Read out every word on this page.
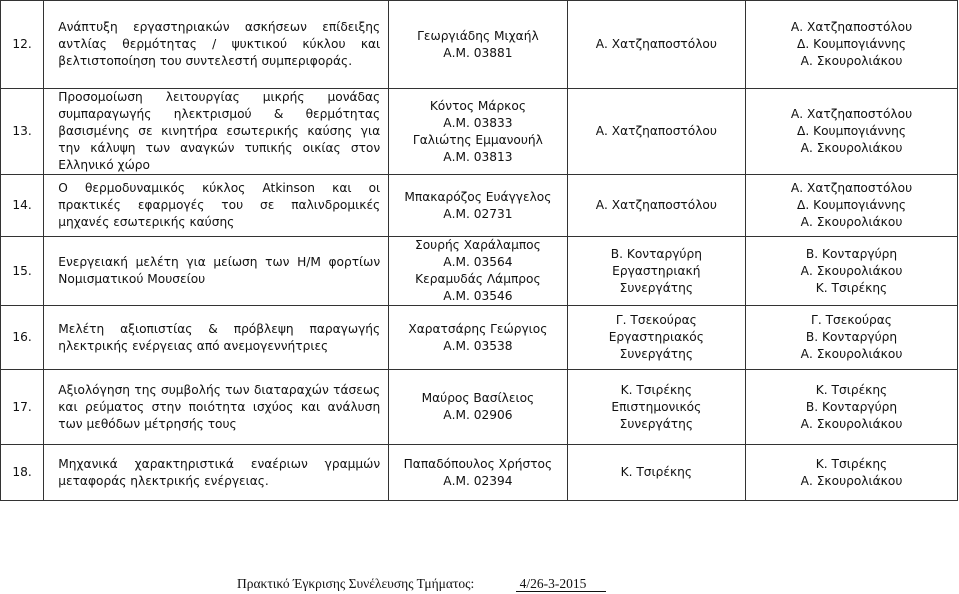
12.	Ανάπτυξη εργαστηριακών ασκήσεων επίδειξης αντλίας θερμότητας / ψυκτικού κύκλου και βελτιστοποίηση του συντελεστή συμπεριφοράς.	Γεωργιάδης Μιχαήλ
Α.Μ. 03881	Α. Χατζηαποστόλου	Α. Χατζηαποστόλου
Δ. Κουμπογιάννης
Α. Σκουρολιάκου

13.	Προσομοίωση λειτουργίας μικρής μονάδας συμπαραγωγής ηλεκτρισμού & θερμότητας βασισμένης σε κινητήρα εσωτερικής καύσης για την κάλυψη των αναγκών τυπικής οικίας στον Ελληνικό χώρο	Κόντος Μάρκος
Α.Μ. 03833
Γαλιώτης Εμμανουήλ
Α.Μ. 03813	Α. Χατζηαποστόλου	Α. Χατζηαποστόλου
Δ. Κουμπογιάννης
Α. Σκουρολιάκου

14.	Ο θερμοδυναμικός κύκλος Atkinson και οι πρακτικές εφαρμογές του σε παλινδρομικές μηχανές εσωτερικής καύσης	Μπακαρόζος Ευάγγελος
Α.Μ. 02731	Α. Χατζηαποστόλου	Α. Χατζηαποστόλου
Δ. Κουμπογιάννης
Α. Σκουρολιάκου

15.	Ενεργειακή μελέτη για μείωση των Η/Μ φορτίων Νομισματικού Μουσείου	Σουρής Χαράλαμπος
Α.Μ. 03564
Κεραμυδάς Λάμπρος
Α.Μ. 03546	Β. Κονταργύρη
Εργαστηριακή
Συνεργάτης	Β. Κονταργύρη
Α. Σκουρολιάκου
Κ. Τσιρέκης

16.	Μελέτη αξιοπιστίας & πρόβλεψη παραγωγής ηλεκτρικής ενέργειας από ανεμογεννήτριες	Χαρατσάρης Γεώργιος
Α.Μ. 03538	Γ. Τσεκούρας
Εργαστηριακός
Συνεργάτης	Γ. Τσεκούρας
Β. Κονταργύρη
Α. Σκουρολιάκου

17.	Αξιολόγηση της συμβολής των διαταραχών τάσεως και ρεύματος στην ποιότητα ισχύος και ανάλυση των μεθόδων μέτρησής τους	Μαύρος Βασίλειος
Α.Μ. 02906	Κ. Τσιρέκης
Επιστημονικός
Συνεργάτης	Κ. Τσιρέκης
Β. Κονταργύρη
Α. Σκουρολιάκου

18.	Μηχανικά χαρακτηριστικά εναέριων γραμμών μεταφοράς ηλεκτρικής ενέργειας.	Παπαδόπουλος Χρήστος
Α.Μ. 02394	Κ. Τσιρέκης	Κ. Τσιρέκης
Α. Σκουρολιάκου
Πρακτικό Έγκρισης Συνέλευσης Τμήματος:	4/26-3-2015
